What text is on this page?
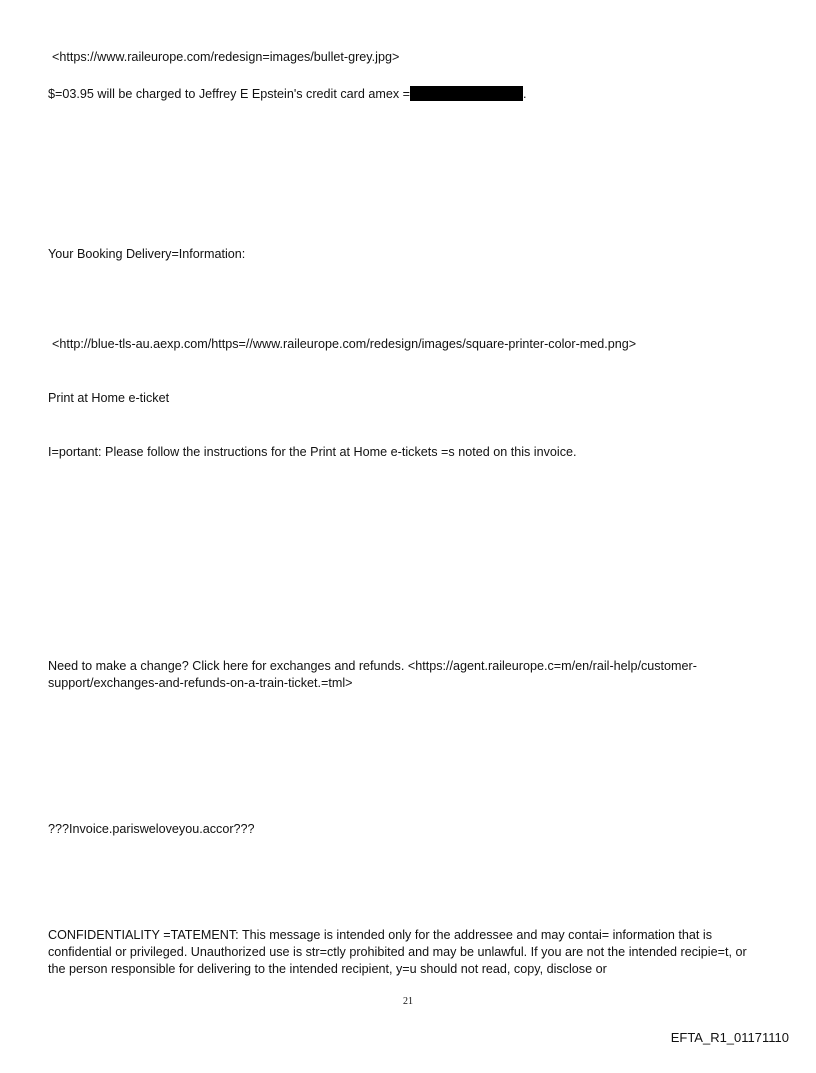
<https://www.raileurope.com/redesign=images/bullet-grey.jpg>
$=03.95 will be charged to Jeffrey E Epstein's credit card amex =	.
Your Booking Delivery=Information:
<http://blue-tls-au.aexp.com/https=//www.raileurope.com/redesign/images/square-printer-color-med.png>
Print at Home e-ticket
I=portant: Please follow the instructions for the Print at Home e-tickets =s noted on this invoice.
Need to make a change? Click here for exchanges and refunds. <https://agent.raileurope.c=m/en/rail-help/customer-support/exchanges-and-refunds-on-a-train-ticket.=tml>
???Invoice.parisweloveyou.accor???
CONFIDENTIALITY =TATEMENT: This message is intended only for the addressee and may contai= information that is confidential or privileged. Unauthorized use is str=ctly prohibited and may be unlawful. If you are not the intended recipie=t, or the person responsible for delivering to the intended recipient, y=u should not read, copy, disclose or
21
EFTA_R1_01171110
